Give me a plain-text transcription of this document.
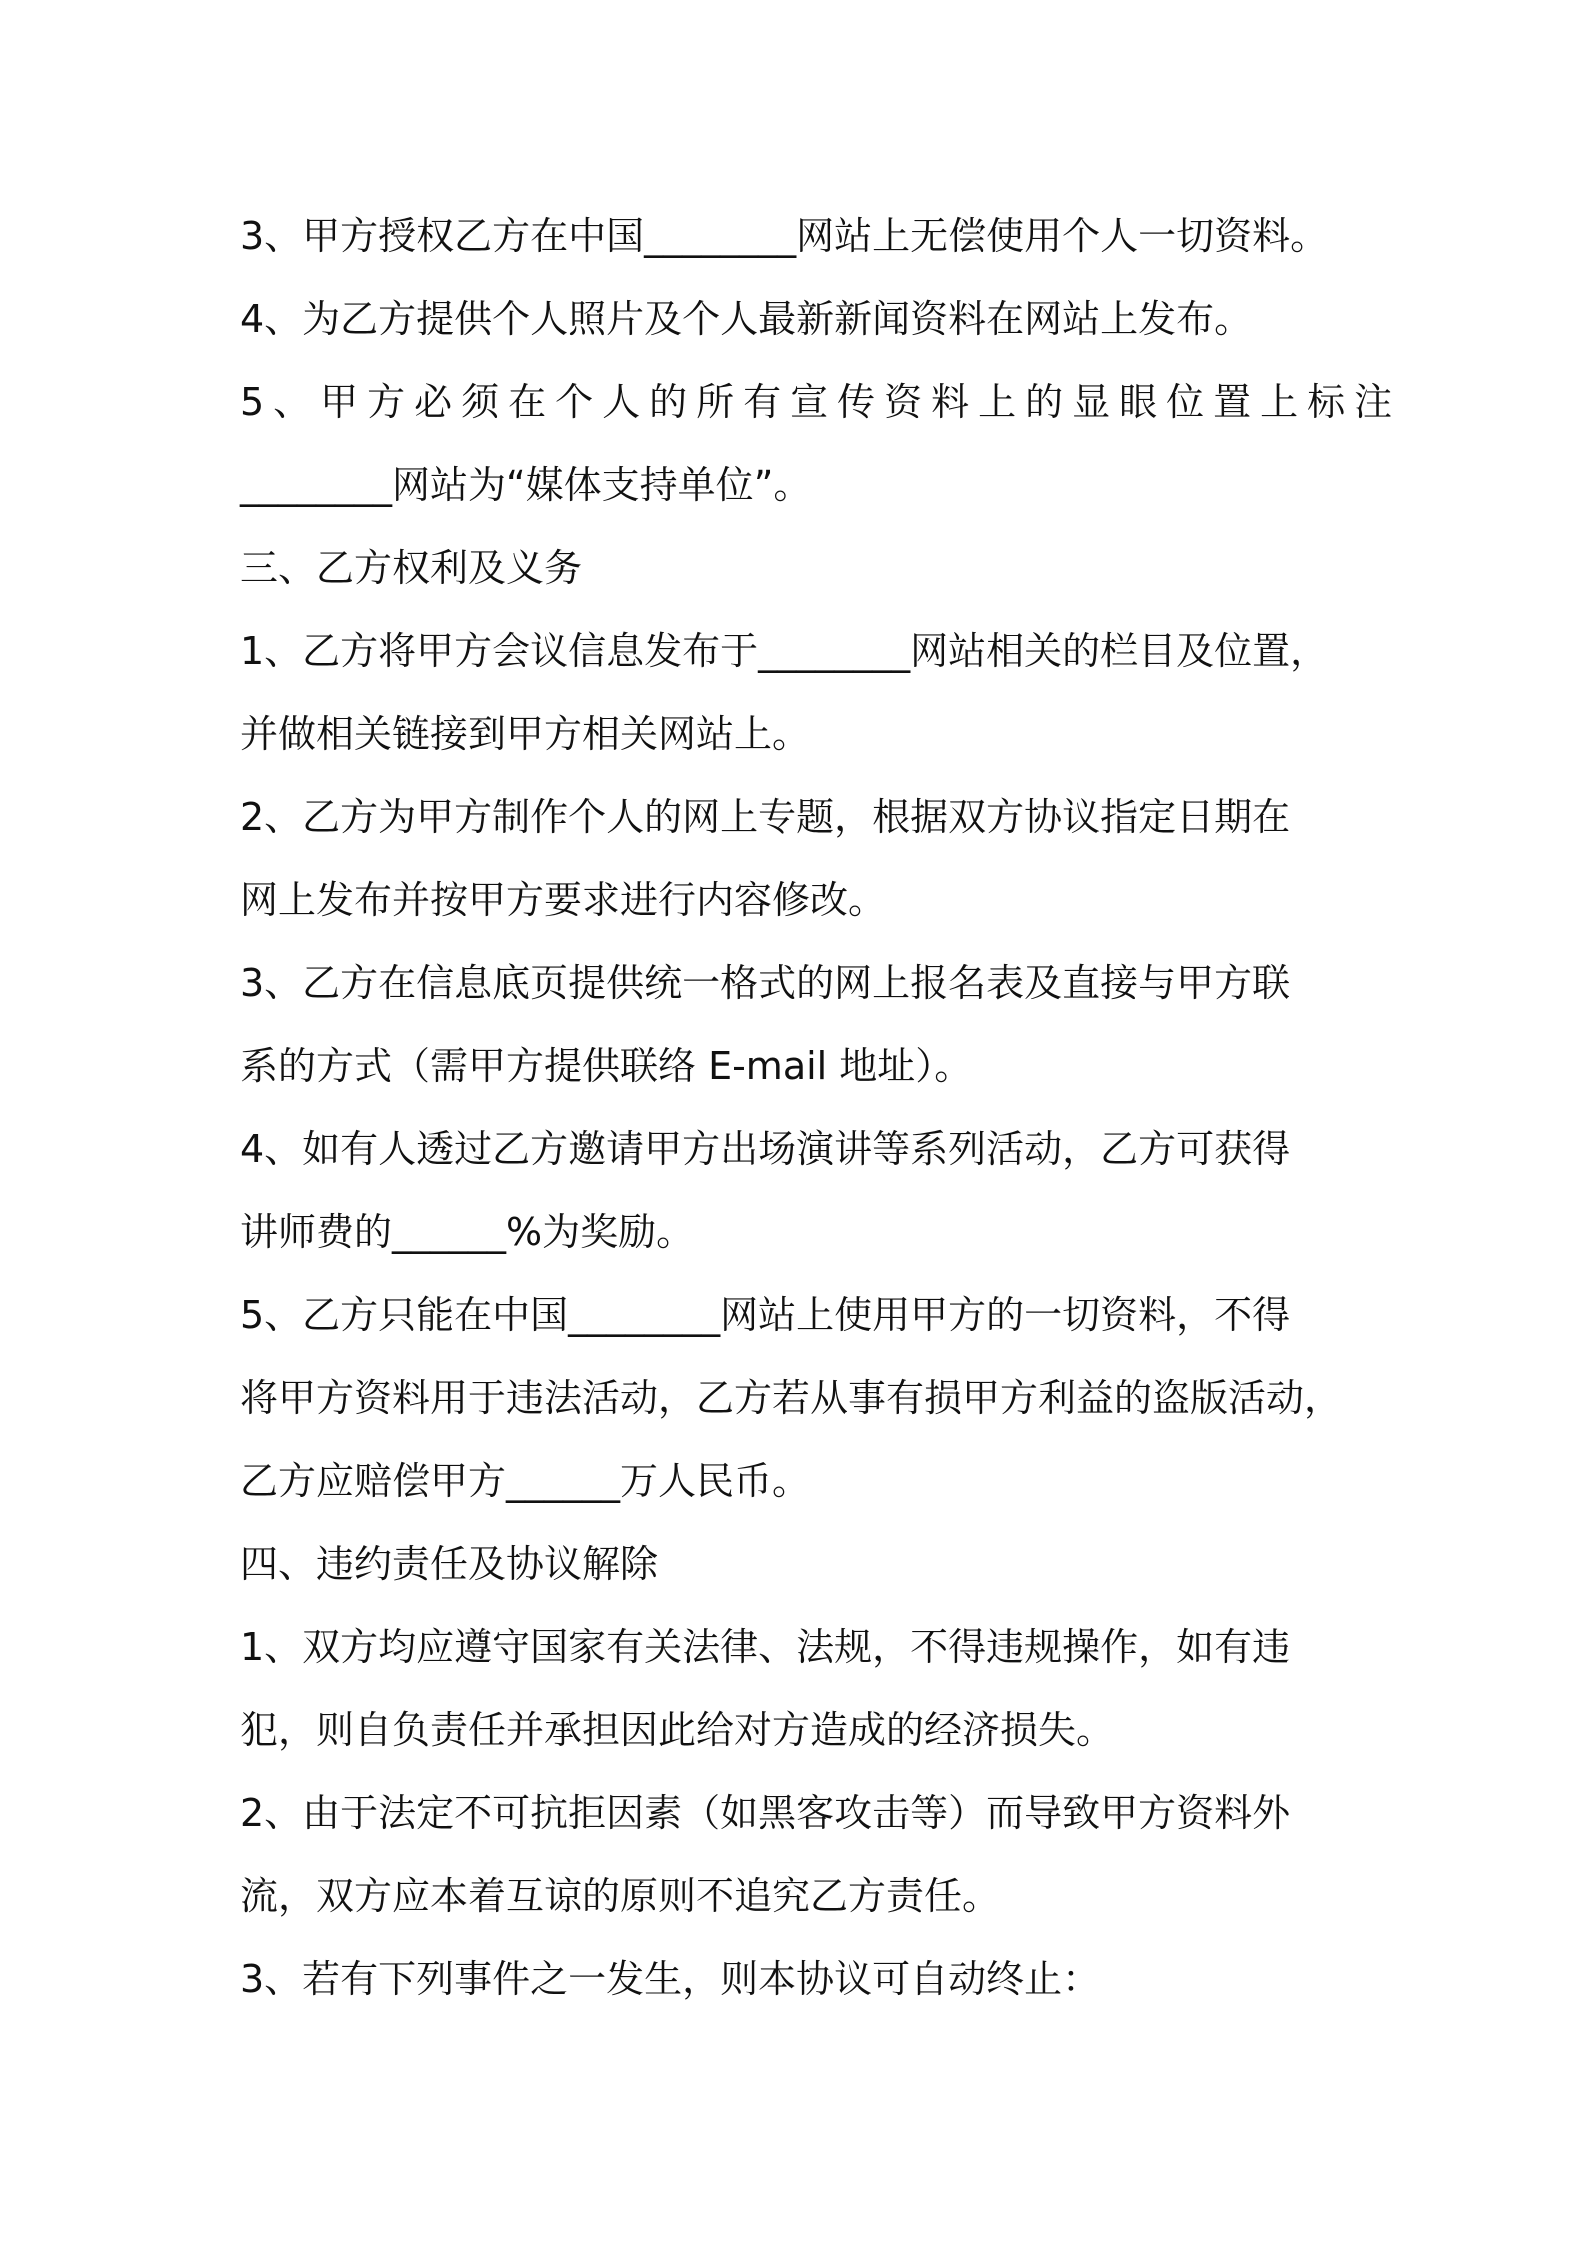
3、甲方授权乙方在中国________网站上无偿使用个人一切资料。

4、为乙方提供个人照片及个人最新新闻资料在网站上发布。

5、甲方必须在个人的所有宣传资料上的显眼位置上标注

________网站为“媒体支持单位”。

三、乙方权利及义务

1、乙方将甲方会议信息发布于________网站相关的栏目及位置，

并做相关链接到甲方相关网站上。

2、乙方为甲方制作个人的网上专题，根据双方协议指定日期在

网上发布并按甲方要求进行内容修改。

3、乙方在信息底页提供统一格式的网上报名表及直接与甲方联

系的方式（需甲方提供联络 E-mail 地址）。

4、如有人透过乙方邀请甲方出场演讲等系列活动，乙方可获得

讲师费的______%为奖励。

5、乙方只能在中国________网站上使用甲方的一切资料，不得

将甲方资料用于违法活动，乙方若从事有损甲方利益的盗版活动，

乙方应赔偿甲方______万人民币。

四、违约责任及协议解除

1、双方均应遵守国家有关法律、法规，不得违规操作，如有违

犯，则自负责任并承担因此给对方造成的经济损失。

2、由于法定不可抗拒因素（如黑客攻击等）而导致甲方资料外

流，双方应本着互谅的原则不追究乙方责任。

3、若有下列事件之一发生，则本协议可自动终止：
